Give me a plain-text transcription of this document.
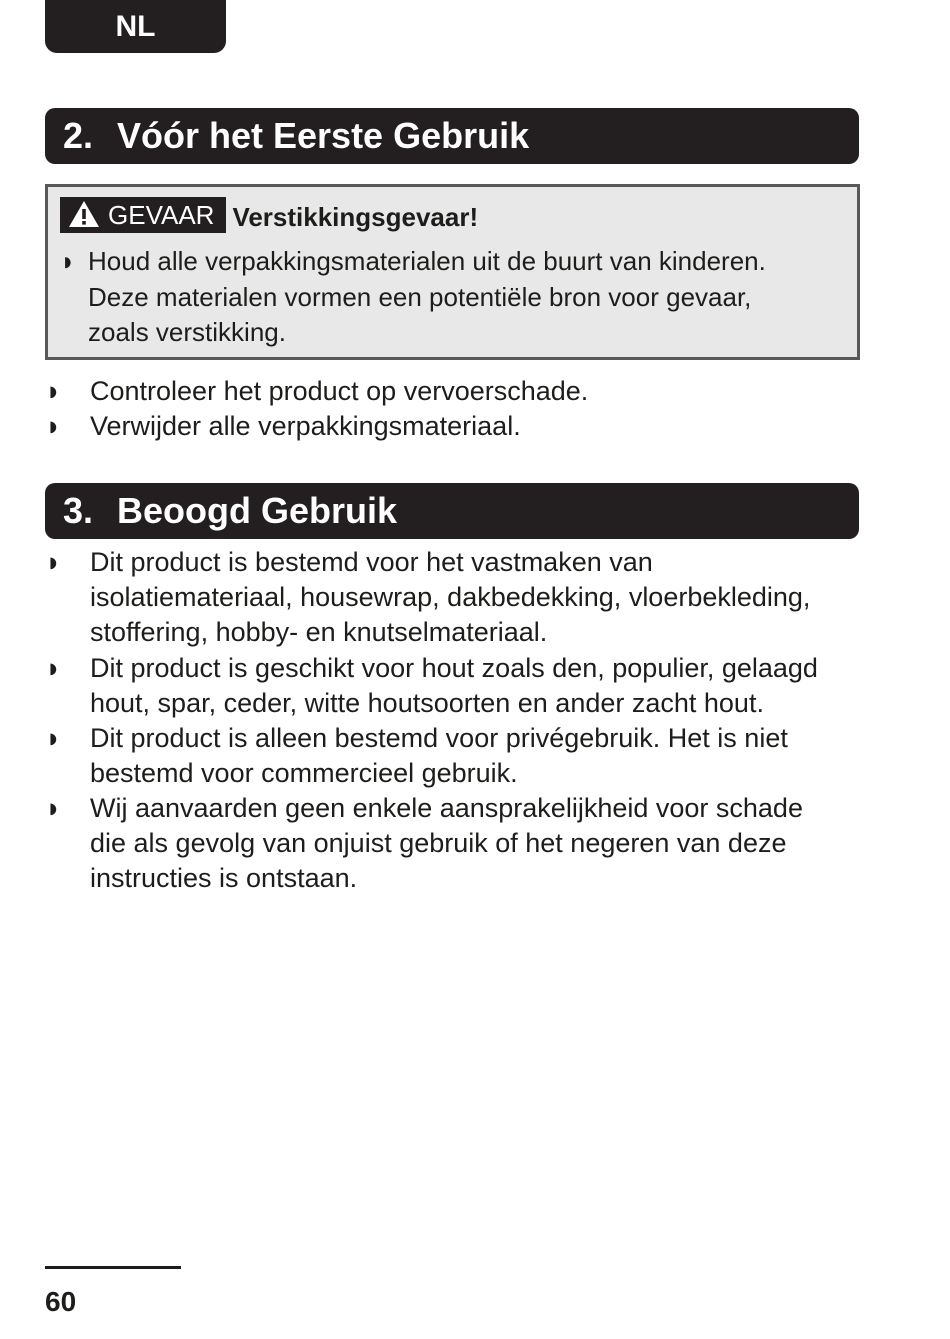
NL
2. Vóór het Eerste Gebruik
GEVAAR Verstikkingsgevaar!
◗ Houd alle verpakkingsmaterialen uit de buurt van kinderen.
Deze materialen vormen een potentiële bron voor gevaar,
zoals verstikking.
◗ Controleer het product op vervoerschade.
◗ Verwijder alle verpakkingsmateriaal.
3. Beoogd Gebruik
◗ Dit product is bestemd voor het vastmaken van
isolatiemateriaal, housewrap, dakbedekking, vloerbekleding,
stoffering, hobby- en knutselmateriaal.
◗ Dit product is geschikt voor hout zoals den, populier, gelaagd
hout, spar, ceder, witte houtsoorten en ander zacht hout.
◗ Dit product is alleen bestemd voor privégebruik. Het is niet
bestemd voor commercieel gebruik.
◗ Wij aanvaarden geen enkele aansprakelijkheid voor schade
die als gevolg van onjuist gebruik of het negeren van deze
instructies is ontstaan.
60
